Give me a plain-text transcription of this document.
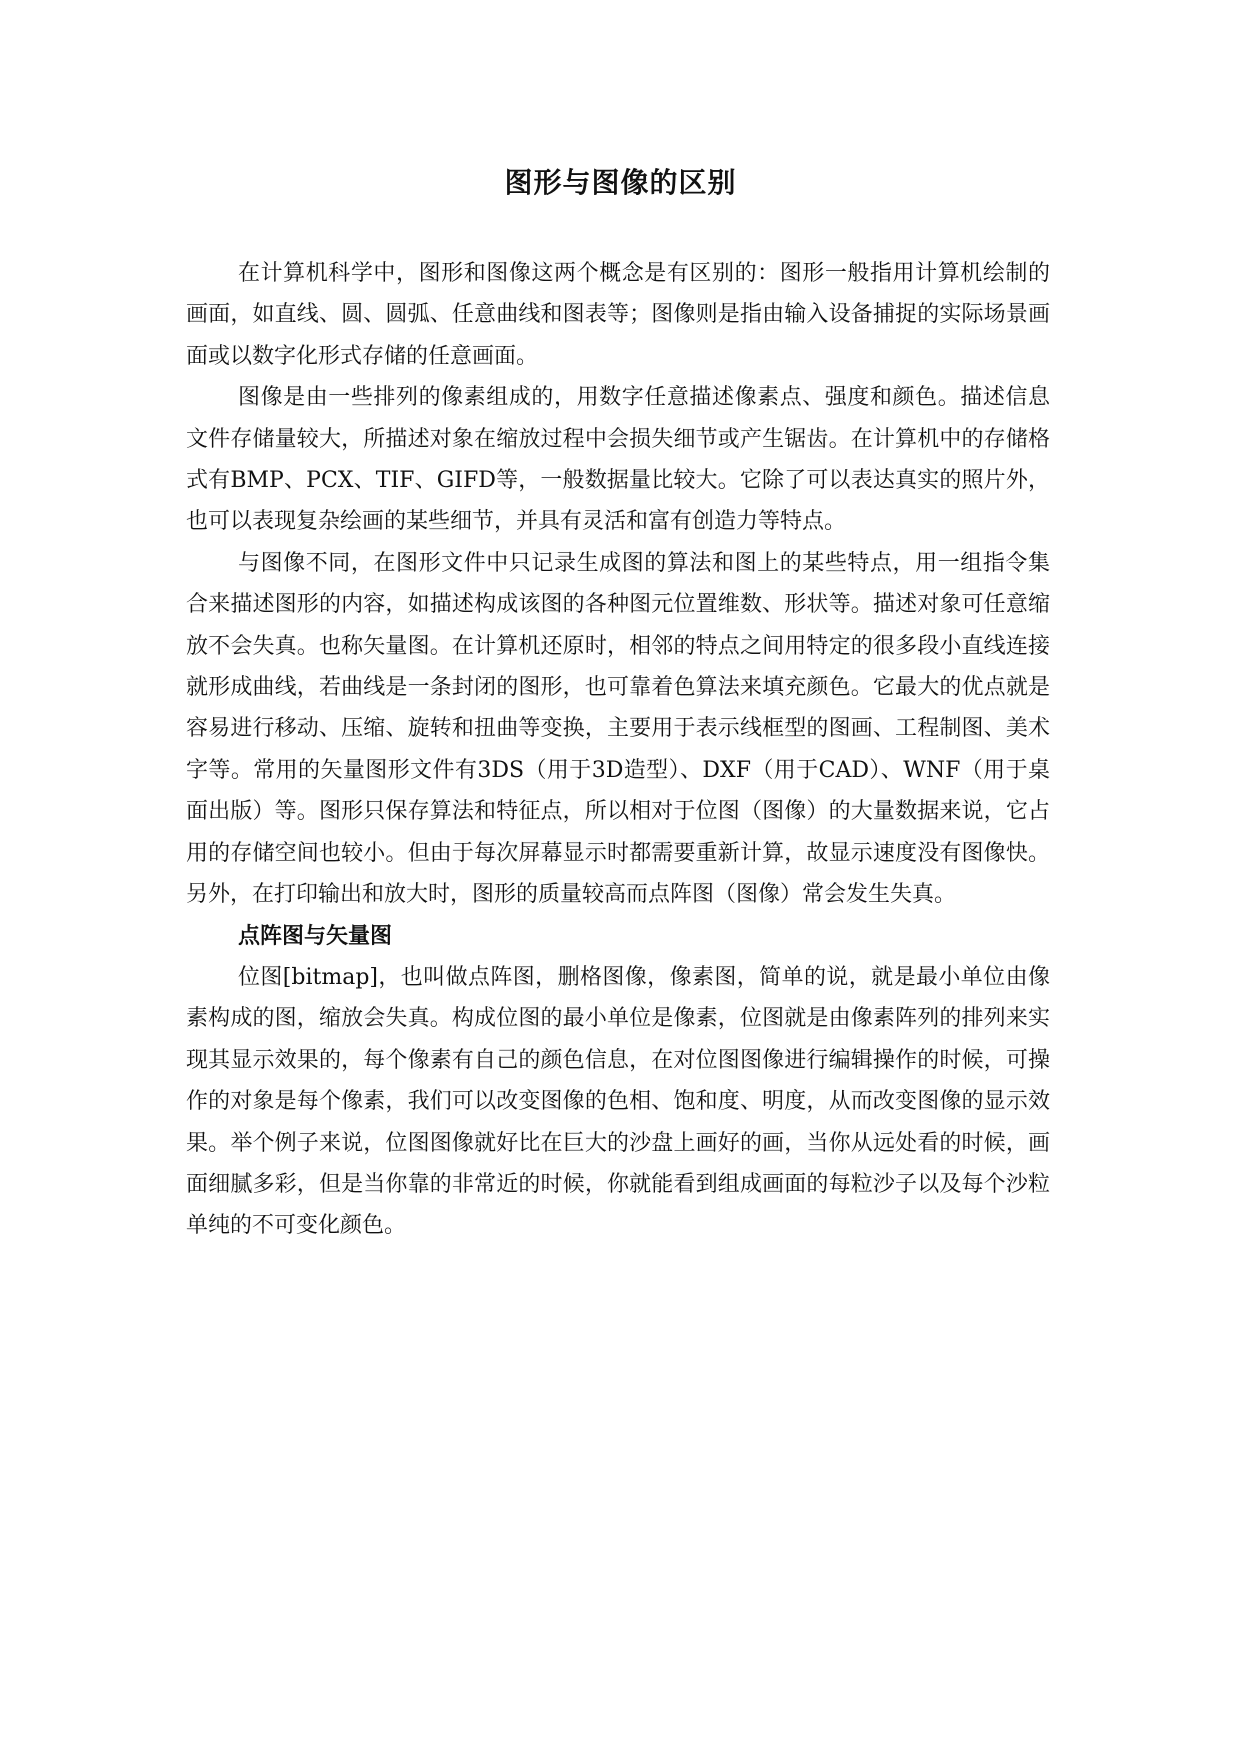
图形与图像的区别

在计算机科学中，图形和图像这两个概念是有区别的：图形一般指用计算机绘制的画面，如直线、圆、圆弧、任意曲线和图表等；图像则是指由输入设备捕捉的实际场景画面或以数字化形式存储的任意画面。

图像是由一些排列的像素组成的，用数字任意描述像素点、强度和颜色。描述信息文件存储量较大，所描述对象在缩放过程中会损失细节或产生锯齿。在计算机中的存储格式有BMP、PCX、TIF、GIFD等，一般数据量比较大。它除了可以表达真实的照片外，也可以表现复杂绘画的某些细节，并具有灵活和富有创造力等特点。

与图像不同，在图形文件中只记录生成图的算法和图上的某些特点，用一组指令集合来描述图形的内容，如描述构成该图的各种图元位置维数、形状等。描述对象可任意缩放不会失真。也称矢量图。在计算机还原时，相邻的特点之间用特定的很多段小直线连接就形成曲线，若曲线是一条封闭的图形，也可靠着色算法来填充颜色。它最大的优点就是容易进行移动、压缩、旋转和扭曲等变换，主要用于表示线框型的图画、工程制图、美术字等。常用的矢量图形文件有3DS（用于3D造型）、DXF（用于CAD）、WNF（用于桌面出版）等。图形只保存算法和特征点，所以相对于位图（图像）的大量数据来说，它占用的存储空间也较小。但由于每次屏幕显示时都需要重新计算，故显示速度没有图像快。另外，在打印输出和放大时，图形的质量较高而点阵图（图像）常会发生失真。

点阵图与矢量图

位图[bitmap]，也叫做点阵图，删格图像，像素图，简单的说，就是最小单位由像素构成的图，缩放会失真。构成位图的最小单位是像素，位图就是由像素阵列的排列来实现其显示效果的，每个像素有自己的颜色信息，在对位图图像进行编辑操作的时候，可操作的对象是每个像素，我们可以改变图像的色相、饱和度、明度，从而改变图像的显示效果。举个例子来说，位图图像就好比在巨大的沙盘上画好的画，当你从远处看的时候，画面细腻多彩，但是当你靠的非常近的时候，你就能看到组成画面的每粒沙子以及每个沙粒单纯的不可变化颜色。
